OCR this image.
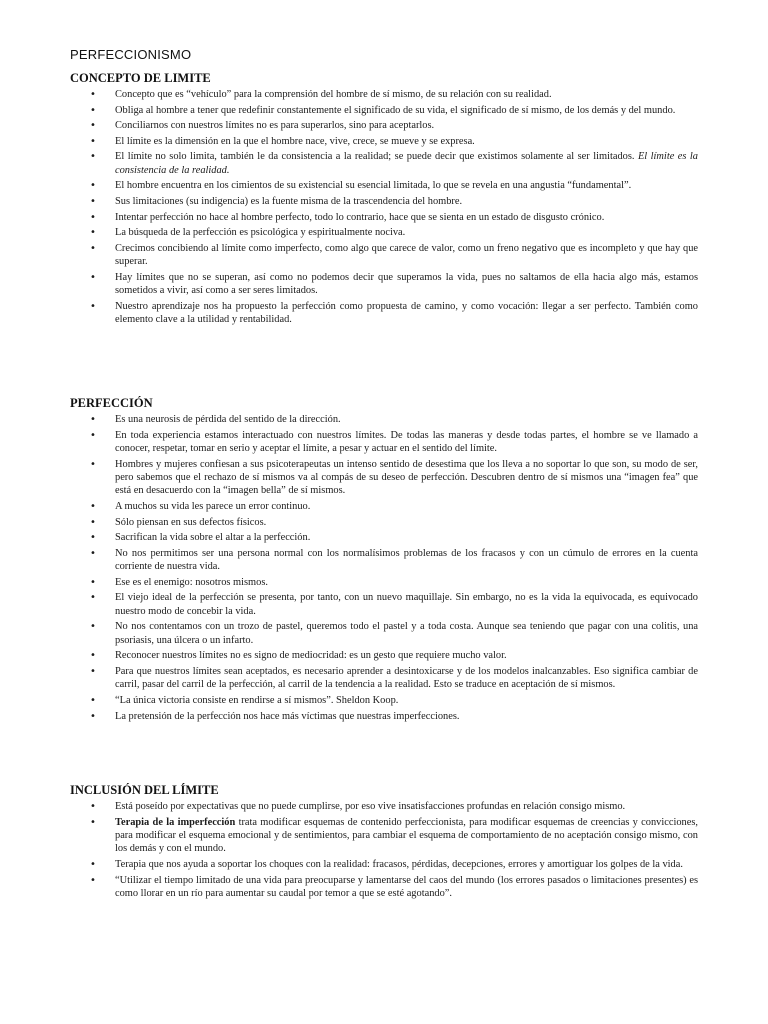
PERFECCIONISMO
CONCEPTO DE LIMITE
• Concepto que es “vehículo” para la comprensión del hombre de sí mismo, de su relación con su realidad.
• Obliga al hombre a tener que redefinir constantemente el significado de su vida, el significado de sí mismo, de los demás y del mundo.
• Conciliarnos con nuestros límites no es para superarlos, sino para aceptarlos.
• El límite es la dimensión en la que el hombre nace, vive, crece, se mueve y se expresa.
• El límite no solo limita, también le da consistencia a la realidad; se puede decir que existimos solamente al ser limitados. El límite es la consistencia de la realidad.
• El hombre encuentra en los cimientos de su existencial su esencial limitada, lo que se revela en una angustia “fundamental”.
• Sus limitaciones (su indigencia) es la fuente misma de la trascendencia del hombre.
• Intentar perfección no hace al hombre perfecto, todo lo contrario, hace que se sienta en un estado de disgusto crónico.
• La búsqueda de la perfección es psicológica y espiritualmente nociva.
• Crecimos concibiendo al límite como imperfecto, como algo que carece de valor, como un freno negativo que es incompleto y que hay que superar.
• Hay límites que no se superan, así como no podemos decir que superamos la vida, pues no saltamos de ella hacia algo más, estamos sometidos a vivir, así como a ser seres limitados.
• Nuestro aprendizaje nos ha propuesto la perfección como propuesta de camino, y como vocación: llegar a ser perfecto. También como elemento clave a la utilidad y rentabilidad.
PERFECCIÓN
• Es una neurosis de pérdida del sentido de la dirección.
• En toda experiencia estamos interactuado con nuestros límites. De todas las maneras y desde todas partes, el hombre se ve llamado a conocer, respetar, tomar en serio y aceptar el límite, a pesar y actuar en el sentido del límite.
• Hombres y mujeres confiesan a sus psicoterapeutas un intenso sentido de desestima que los lleva a no soportar lo que son, su modo de ser, pero sabemos que el rechazo de sí mismos va al compás de su deseo de perfección. Descubren dentro de sí mismos una “imagen fea” que está en desacuerdo con la “imagen bella” de sí mismos.
• A muchos su vida les parece un error continuo.
• Sólo piensan en sus defectos físicos.
• Sacrifican la vida sobre el altar a la perfección.
• No nos permitimos ser una persona normal con los normalísimos problemas de los fracasos y con un cúmulo de errores en la cuenta corriente de nuestra vida.
• Ese es el enemigo: nosotros mismos.
• El viejo ideal de la perfección se presenta, por tanto, con un nuevo maquillaje. Sin embargo, no es la vida la equivocada, es equivocado nuestro modo de concebir la vida.
• No nos contentamos con un trozo de pastel, queremos todo el pastel y a toda costa. Aunque sea teniendo que pagar con una colitis, una psoriasis, una úlcera o un infarto.
• Reconocer nuestros límites no es signo de mediocridad: es un gesto que requiere mucho valor.
• Para que nuestros límites sean aceptados, es necesario aprender a desintoxicarse y de los modelos inalcanzables. Eso significa cambiar de carril, pasar del carril de la perfección, al carril de la tendencia a la realidad. Esto se traduce en aceptación de sí mismos.
• “La única victoria consiste en rendirse a sí mismos”. Sheldon Koop.
• La pretensión de la perfección nos hace más víctimas que nuestras imperfecciones.
INCLUSIÓN DEL LÍMITE
• Está poseído por expectativas que no puede cumplirse, por eso vive insatisfacciones profundas en relación consigo mismo.
• Terapia de la imperfección trata modificar esquemas de contenido perfeccionista, para modificar esquemas de creencias y convicciones, para modificar el esquema emocional y de sentimientos, para cambiar el esquema de comportamiento de no aceptación consigo mismo, con los demás y con el mundo.
• Terapia que nos ayuda a soportar los choques con la realidad: fracasos, pérdidas, decepciones, errores y amortiguar los golpes de la vida.
• “Utilizar el tiempo limitado de una vida para preocuparse y lamentarse del caos del mundo (los errores pasados o limitaciones presentes) es como llorar en un río para aumentar su caudal por temor a que se esté agotando”.
